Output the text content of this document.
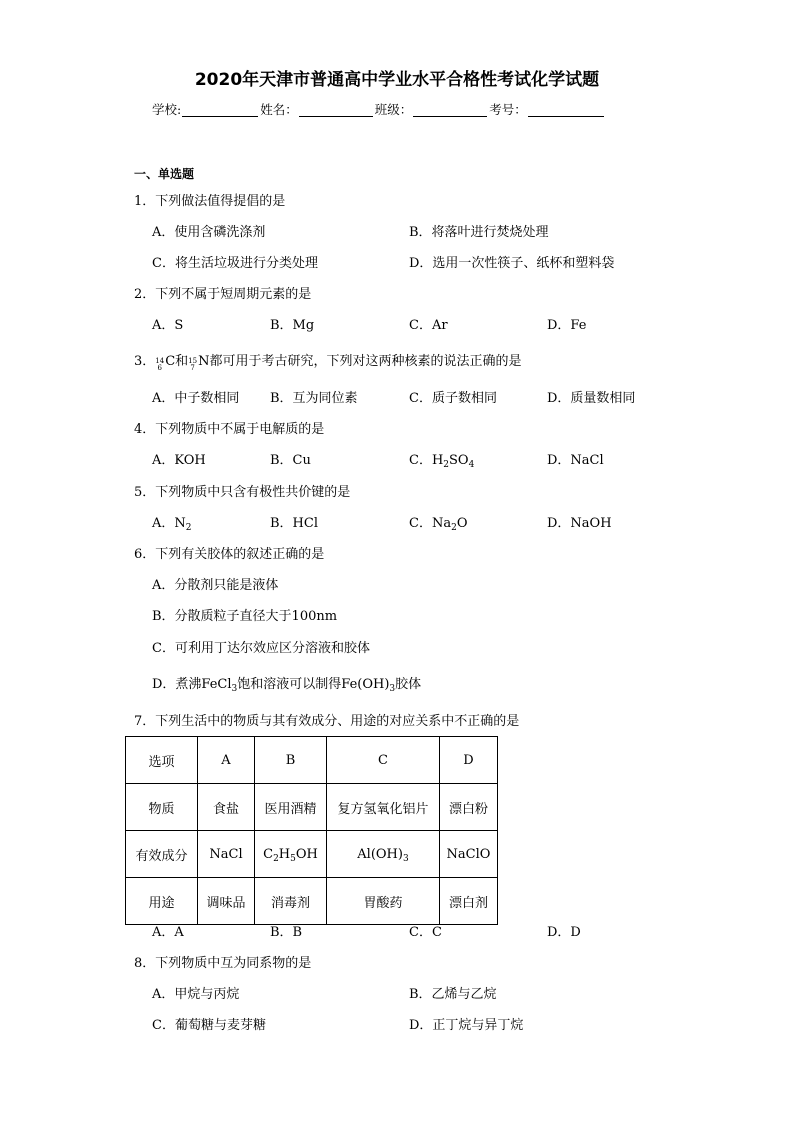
2020年天津市普通高中学业水平合格性考试化学试题
学校:	姓名：	班级：	考号：
一、单选题
1．下列做法值得提倡的是
A．使用含磷洗涤剂	B．将落叶进行焚烧处理
C．将生活垃圾进行分类处理	D．选用一次性筷子、纸杯和塑料袋
2．下列不属于短周期元素的是
A．S	B．Mg	C．Ar	D．Fe
3． 14
6 C和 15
7 N都可用于考古研究，下列对这两种核素的说法正确的是
A．中子数相同 B．互为同位素	C．质子数相同	D．质量数相同
4．下列物质中不属于电解质的是
A．KOH	B．Cu	C．$H_2SO_4$	D．NaCl
5．下列物质中只含有极性共价键的是
A．$N_2$	B．HCl	C．$Na_2O$	D．NaOH
6．下列有关胶体的叙述正确的是
A．分散剂只能是液体
B．分散质粒子直径大于100nm
C．可利用丁达尔效应区分溶液和胶体
D．煮沸FeCl$_3$饱和溶液可以制得$Fe(OH)_3$胶体
7．下列生活中的物质与其有效成分、用途的对应关系中不正确的是
选项	A	B	C	D
物质	食盐	医用酒精	复方氢氧化铝片	漂白粉
有效成分	NaCl	$C_2H_5OH$	$Al(OH)_3$	NaClO
用途	调味品	消毒剂	胃酸药	漂白剂
A．A	B．B	C．C	D．D
8．下列物质中互为同系物的是
A．甲烷与丙烷	B．乙烯与乙烷
C．葡萄糖与麦芽糖	D．正丁烷与异丁烷
